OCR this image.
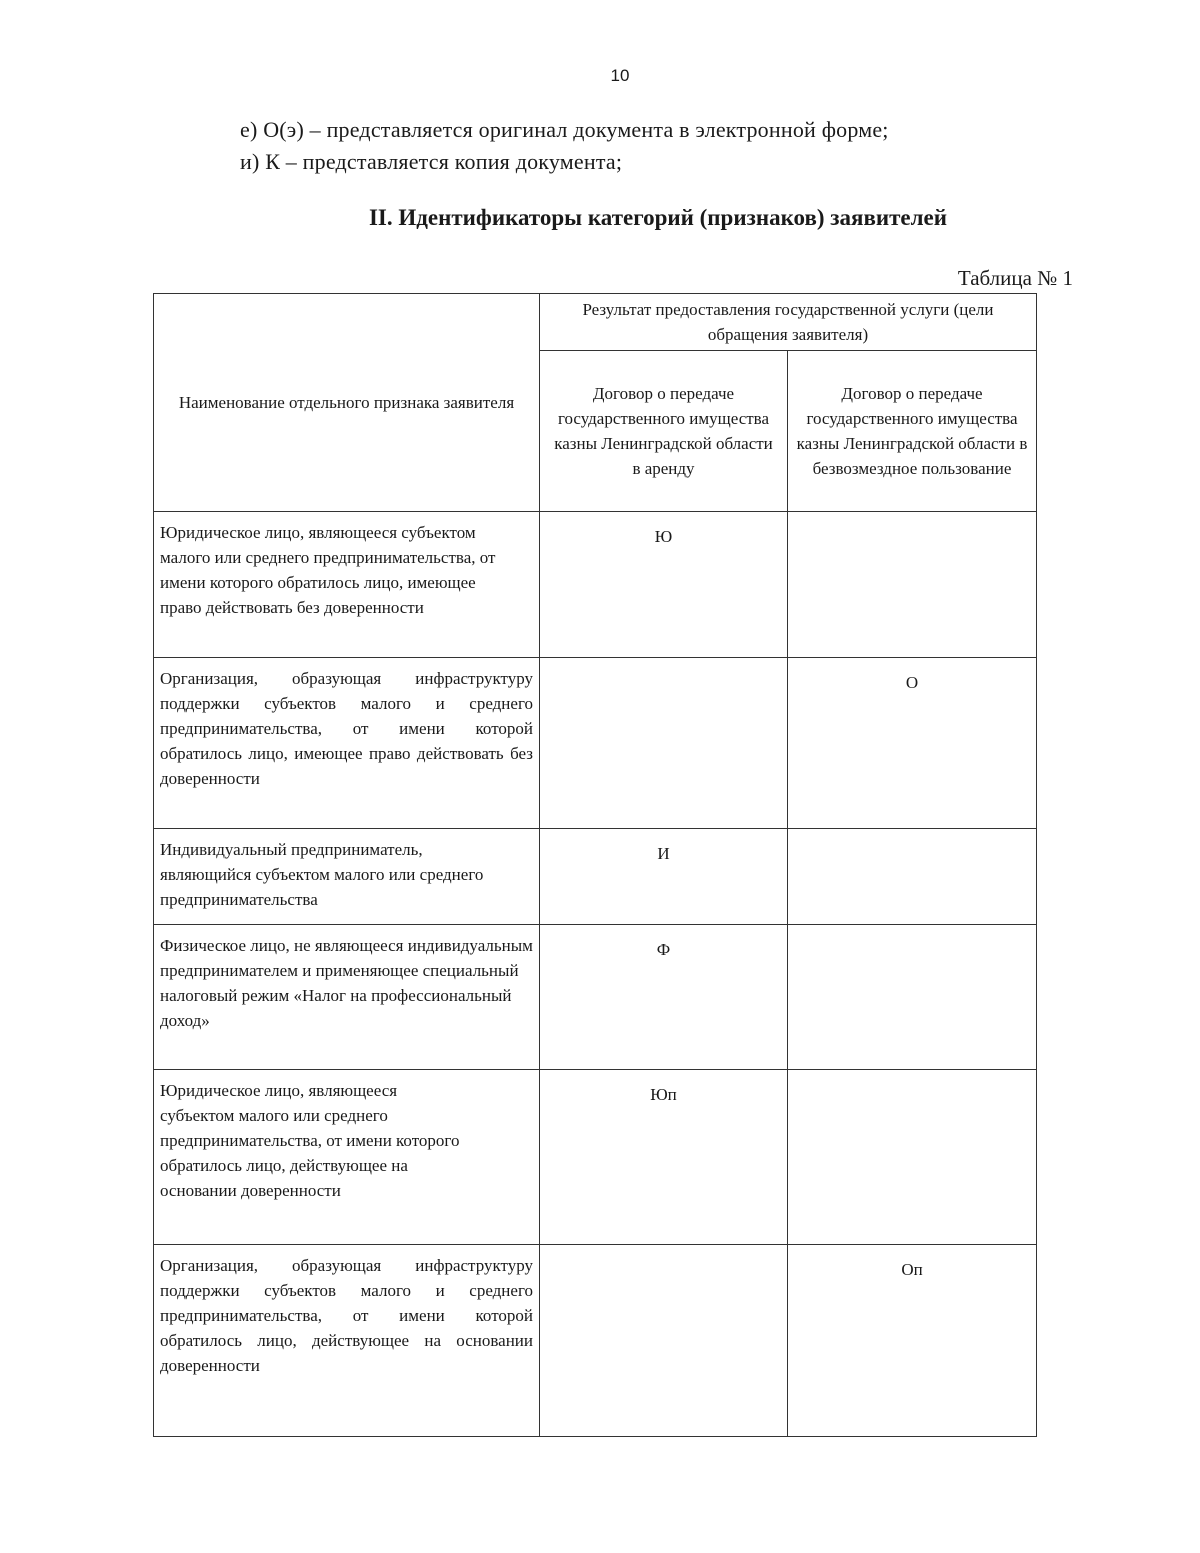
10
е) О(э) – представляется оригинал документа в электронной форме;
и) К – представляется копия документа;
II. Идентификаторы категорий (признаков) заявителей
Таблица № 1
Наименование отдельного признака заявителя	Результат предоставления государственной услуги (цели обращения заявителя)	
	Договор о передаче государственного имущества казны Ленинградской области в аренду	Договор о передаче государственного имущества казны Ленинградской области в безвозмездное пользование
Юридическое лицо, являющееся субъектом малого или среднего предпринимательства, от имени которого обратилось лицо, имеющее право действовать без доверенности	Ю	
Организация, образующая инфраструктуру поддержки субъектов малого и среднего предпринимательства, от имени которой обратилось лицо, имеющее право действовать без доверенности		О
Индивидуальный предприниматель, являющийся субъектом малого или среднего предпринимательства	И	
Физическое лицо, не являющееся индивидуальным предпринимателем и применяющее специальный налоговый режим «Налог на профессиональный доход»	Ф	
Юридическое лицо, являющееся субъектом малого или среднего предпринимательства, от имени которого обратилось лицо, действующее на основании доверенности	Юп	
Организация, образующая инфраструктуру поддержки субъектов малого и среднего предпринимательства, от имени которой обратилось лицо, действующее на основании доверенности		Оп
